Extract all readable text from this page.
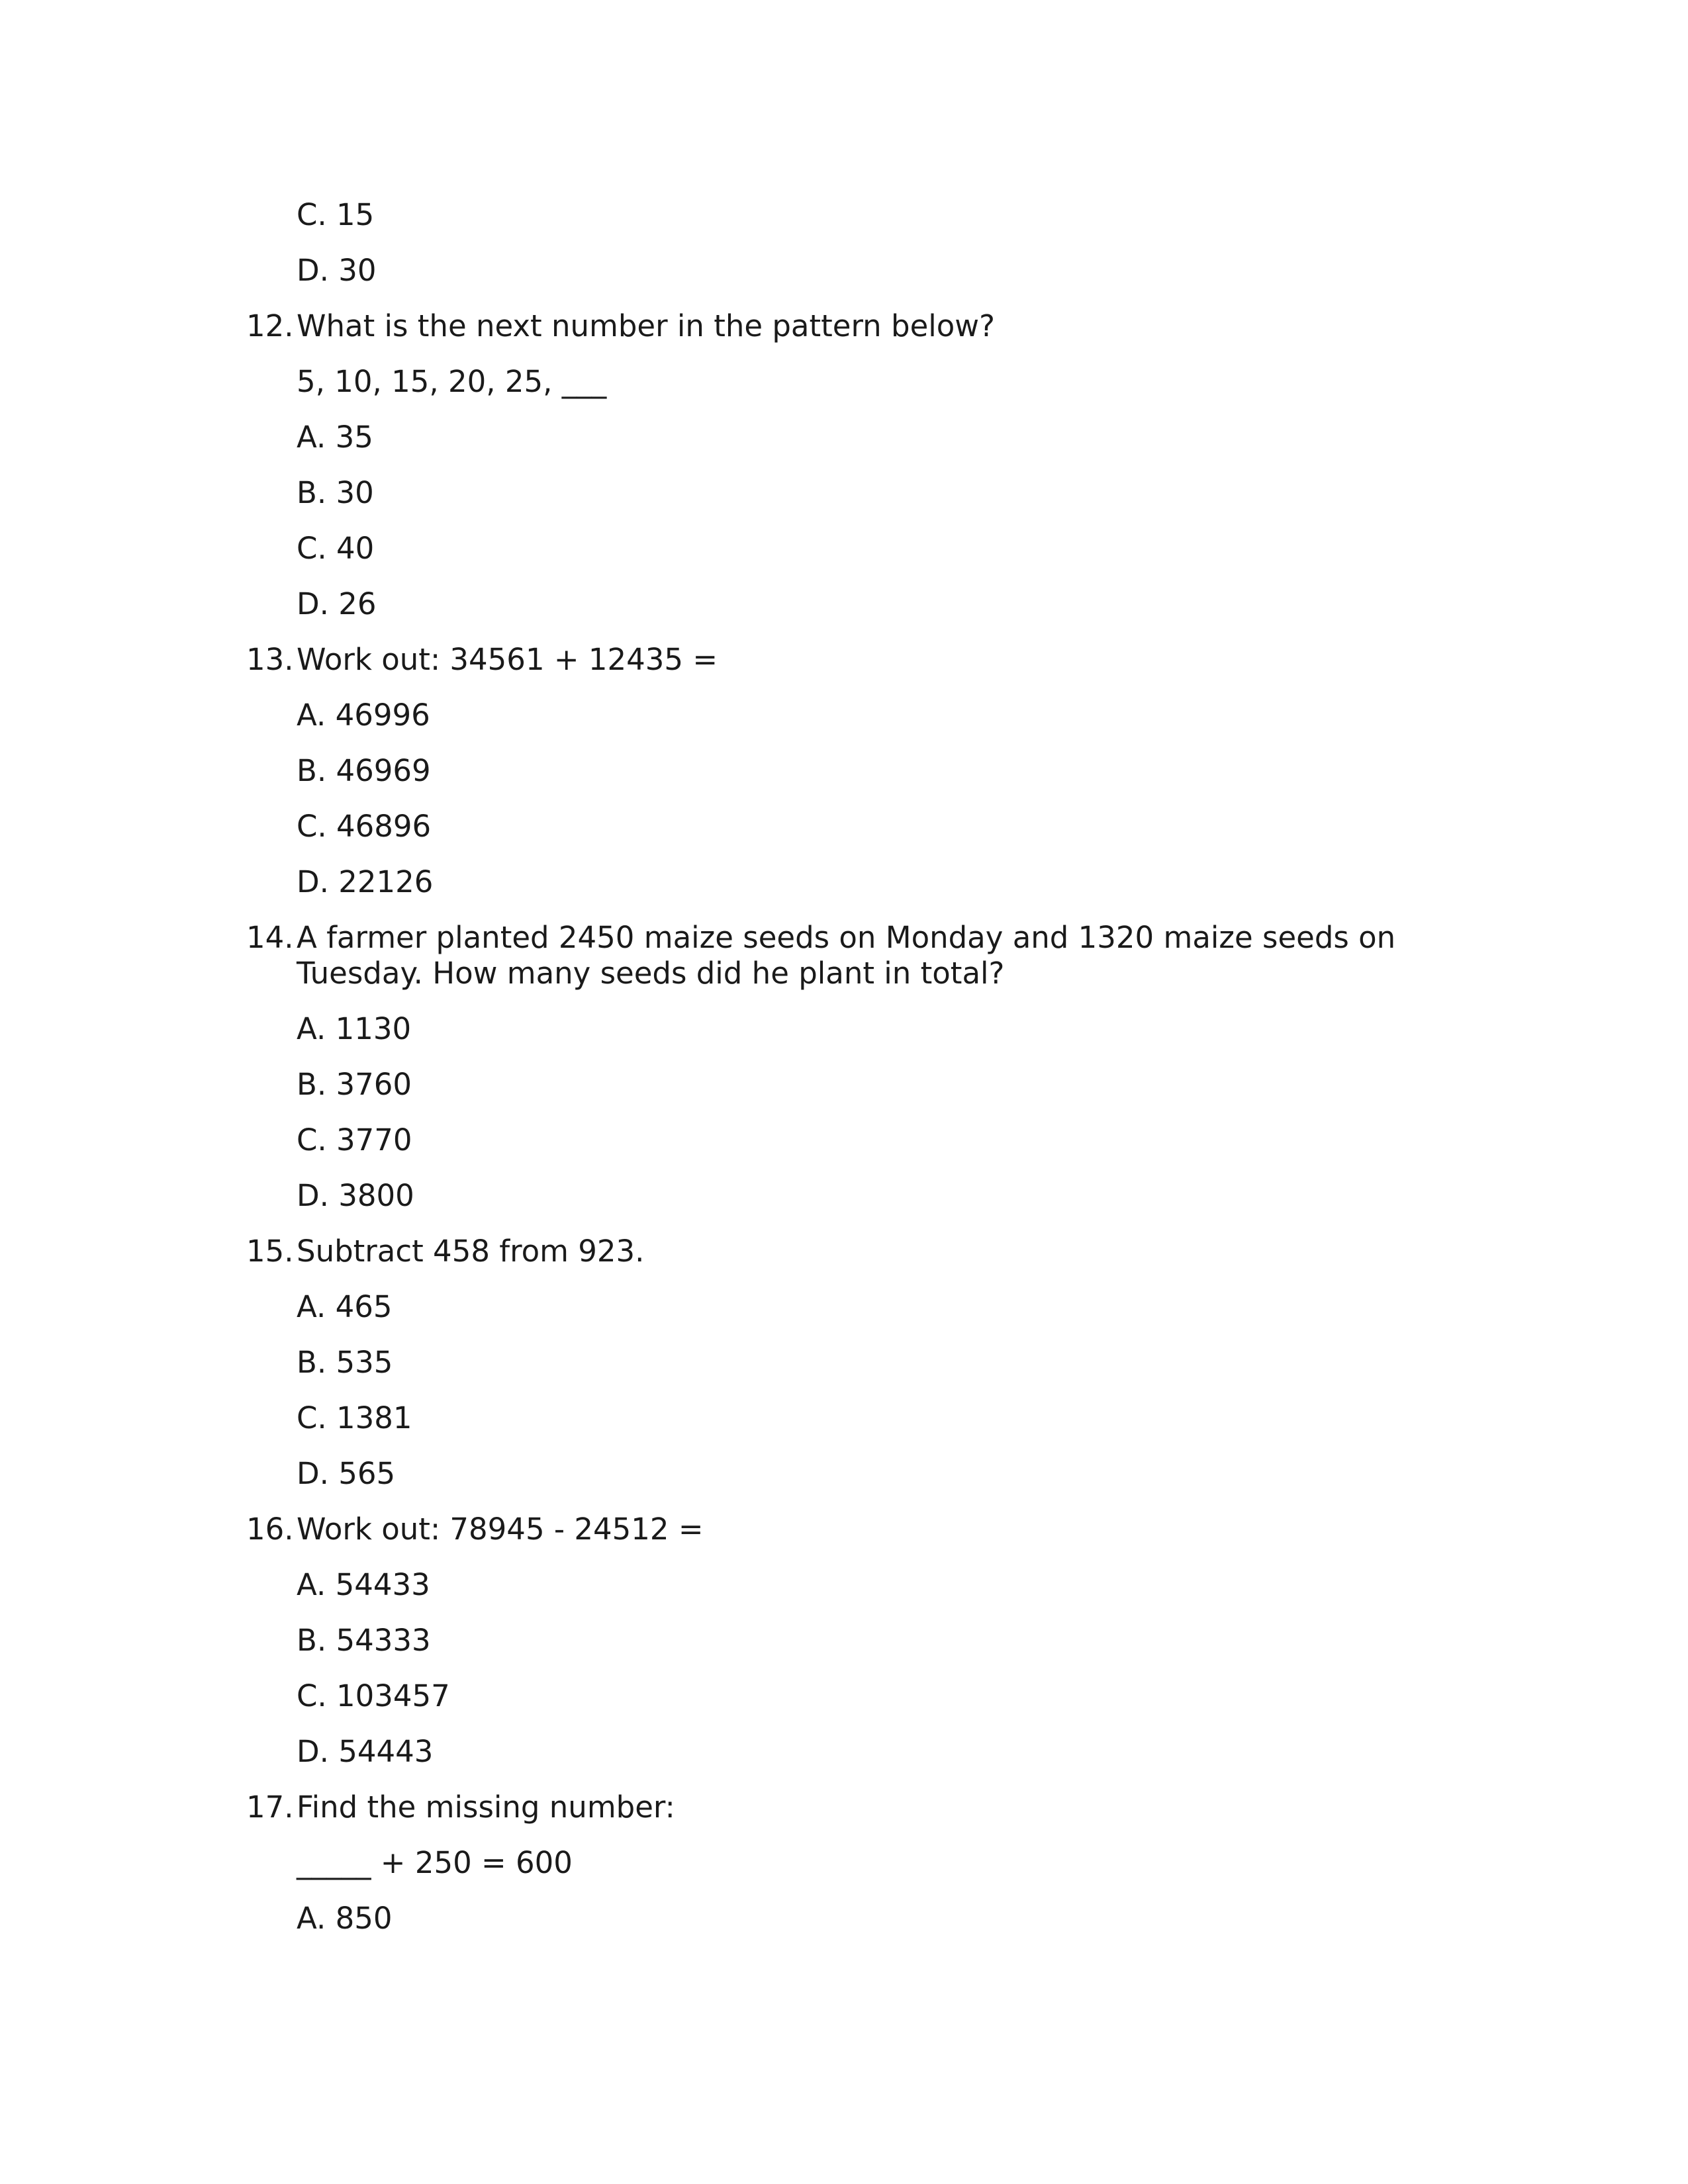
C. 15
D. 30
12. What is the next number in the pattern below?
5, 10, 15, 20, 25, ___
A. 35
B. 30
C. 40
D. 26
13. Work out: 34561 + 12435 =
A. 46996
B. 46969
C. 46896
D. 22126
14. A farmer planted 2450 maize seeds on Monday and 1320 maize seeds on
Tuesday. How many seeds did he plant in total?
A. 1130
B. 3760
C. 3770
D. 3800
15. Subtract 458 from 923.
A. 465
B. 535
C. 1381
D. 565
16. Work out: 78945 - 24512 =
A. 54433
B. 54333
C. 103457
D. 54443
17. Find the missing number:
_____ + 250 = 600
A. 850
